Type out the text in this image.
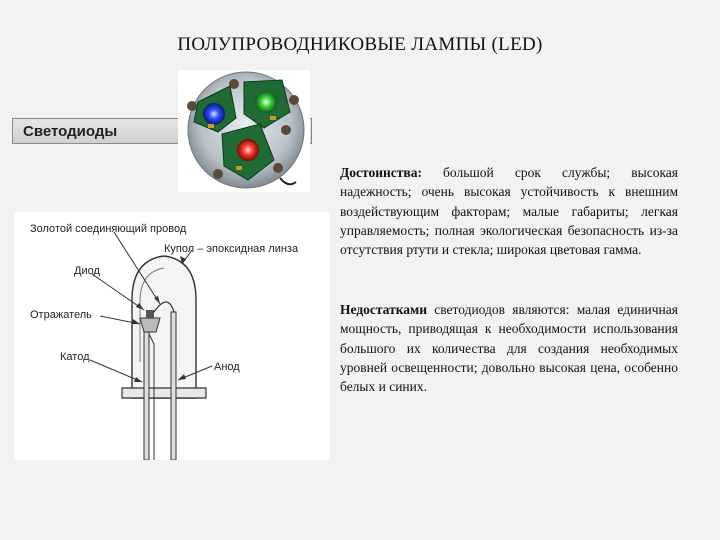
ПОЛУПРОВОДНИКОВЫЕ ЛАМПЫ (LED)
Светодиоды
Золотой соединяющий провод
Купол – эпоксидная линза
Диод
Отражатель
Катод
Анод
Достоинства: большой срок службы; высокая надежность; очень высокая устойчивость к внешним воздействующим факторам; малые габариты; легкая управляемость; полная экологическая безопасность из-за отсутствия ртути и стекла; широкая цветовая гамма.
Недостатками светодиодов являются: малая единичная мощность, приводящая к необходимости использования большого их количества для создания необходимых уровней освещенности; довольно высокая цена, особенно белых и синих.
